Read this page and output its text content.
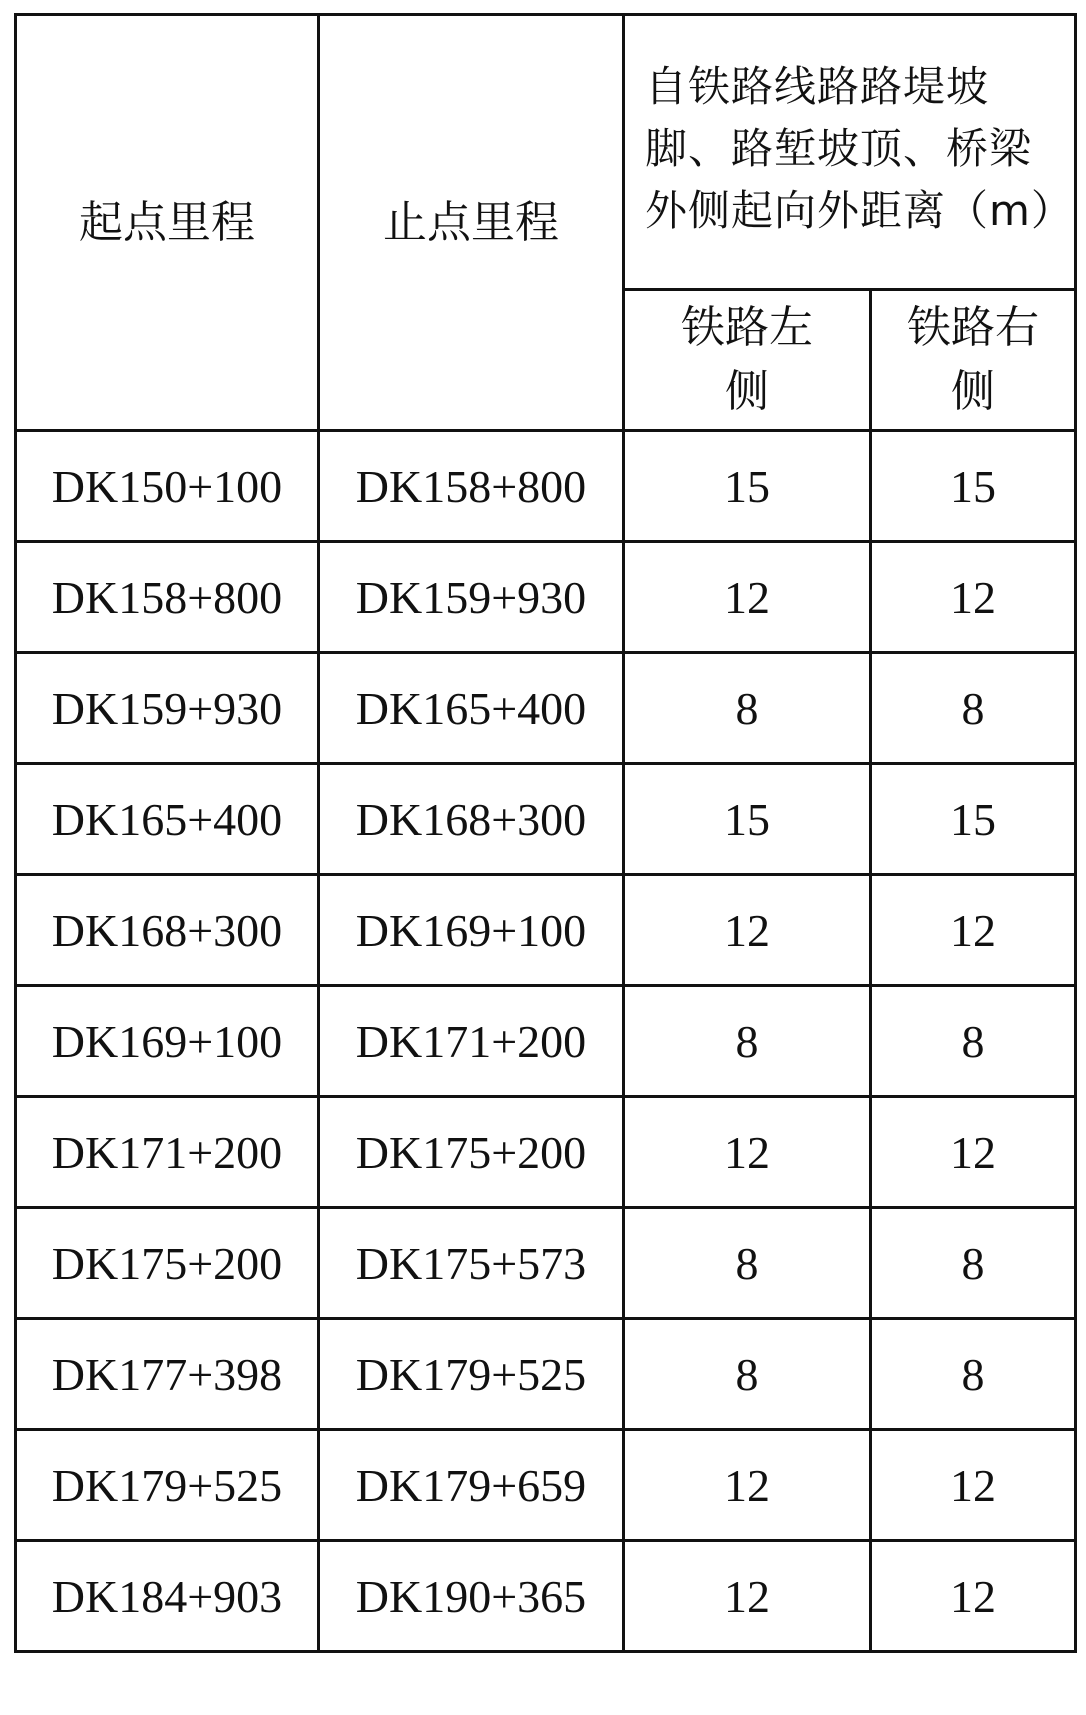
起点里程	止点里程	自铁路线路路堤坡脚、路堑坡顶、桥梁外侧起向外距离（m）	

		铁路左侧	铁路右侧

DK150+100	DK158+800	15	15
DK158+800	DK159+930	12	12
DK159+930	DK165+400	8	8
DK165+400	DK168+300	15	15
DK168+300	DK169+100	12	12
DK169+100	DK171+200	8	8
DK171+200	DK175+200	12	12
DK175+200	DK175+573	8	8
DK177+398	DK179+525	8	8
DK179+525	DK179+659	12	12
DK184+903	DK190+365	12	12
